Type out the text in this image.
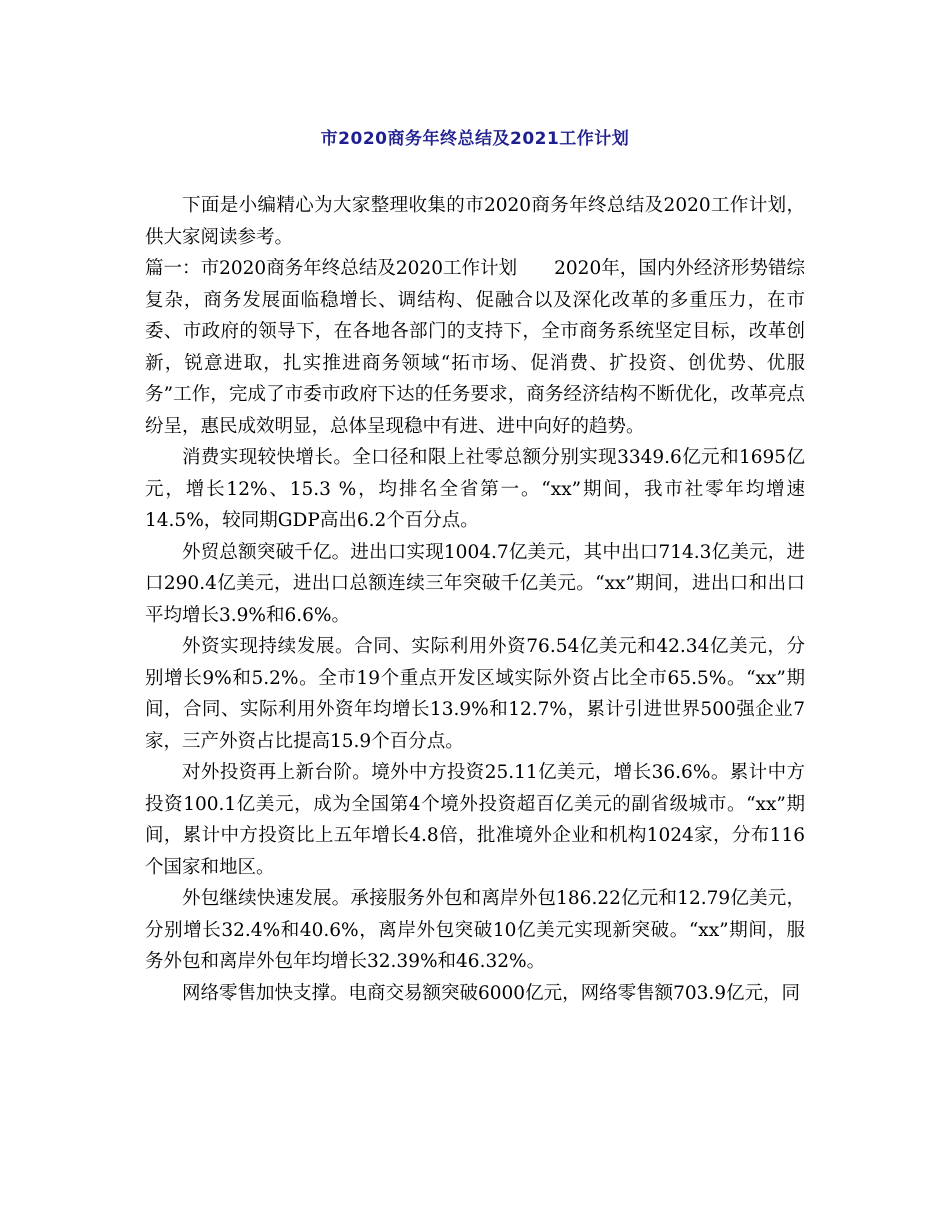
市2020商务年终总结及2021工作计划

下面是小编精心为大家整理收集的市2020商务年终总结及2020工作计划，供大家阅读参考。

篇一：市2020商务年终总结及2020工作计划　　2020年，国内外经济形势错综复杂，商务发展面临稳增长、调结构、促融合以及深化改革的多重压力，在市委、市政府的领导下，在各地各部门的支持下，全市商务系统坚定目标，改革创新，锐意进取，扎实推进商务领域“拓市场、促消费、扩投资、创优势、优服务”工作，完成了市委市政府下达的任务要求，商务经济结构不断优化，改革亮点纷呈，惠民成效明显，总体呈现稳中有进、进中向好的趋势。

消费实现较快增长。全口径和限上社零总额分别实现3349.6亿元和1695亿元，增长12%、15.3 %，均排名全省第一。“xx”期间，我市社零年均增速14.5%，较同期GDP高出6.2个百分点。

外贸总额突破千亿。进出口实现1004.7亿美元，其中出口714.3亿美元，进口290.4亿美元，进出口总额连续三年突破千亿美元。“xx”期间，进出口和出口平均增长3.9%和6.6%。

外资实现持续发展。合同、实际利用外资76.54亿美元和42.34亿美元，分别增长9%和5.2%。全市19个重点开发区域实际外资占比全市65.5%。“xx”期间，合同、实际利用外资年均增长13.9%和12.7%，累计引进世界500强企业7家，三产外资占比提高15.9个百分点。

对外投资再上新台阶。境外中方投资25.11亿美元，增长36.6%。累计中方投资100.1亿美元，成为全国第4个境外投资超百亿美元的副省级城市。“xx”期间，累计中方投资比上五年增长4.8倍，批准境外企业和机构1024家，分布116个国家和地区。

外包继续快速发展。承接服务外包和离岸外包186.22亿元和12.79亿美元，分别增长32.4%和40.6%，离岸外包突破10亿美元实现新突破。“xx”期间，服务外包和离岸外包年均增长32.39%和46.32%。

网络零售加快支撑。电商交易额突破6000亿元，网络零售额703.9亿元，同
